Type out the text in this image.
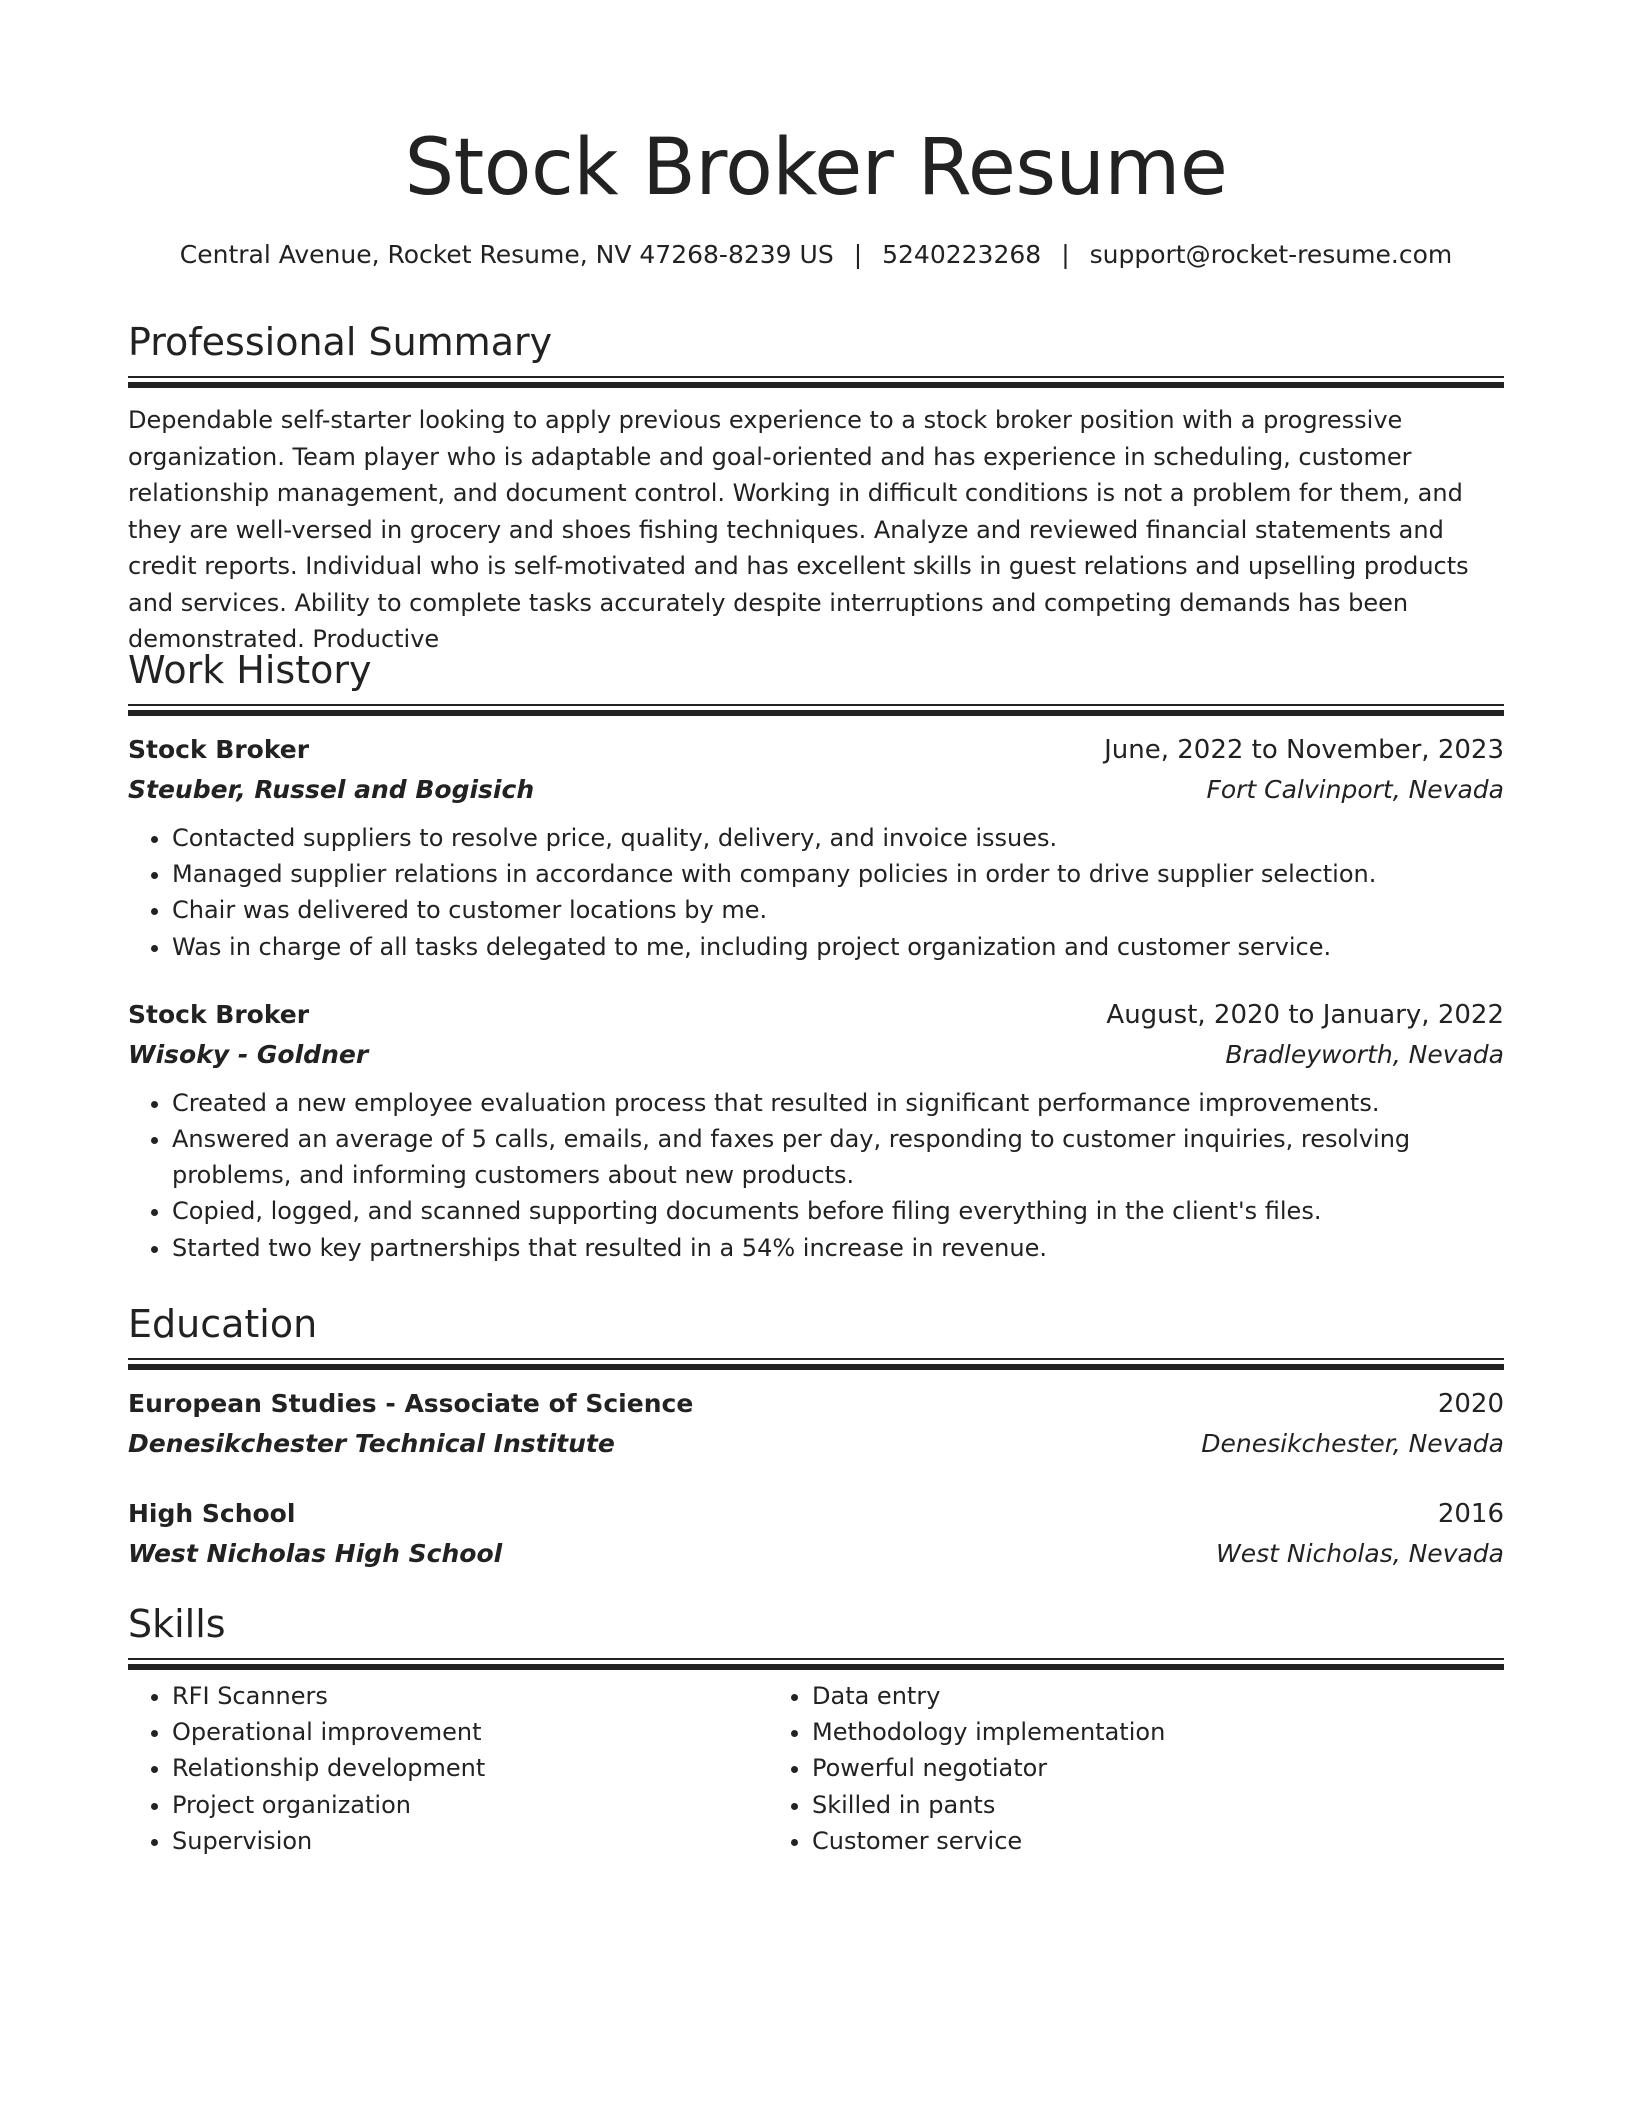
Stock Broker Resume
Central Avenue, Rocket Resume, NV 47268-8239 US | 5240223268 | support@rocket-resume.com
Professional Summary
Dependable self-starter looking to apply previous experience to a stock broker position with a progressive organization. Team player who is adaptable and goal-oriented and has experience in scheduling, customer relationship management, and document control. Working in difficult conditions is not a problem for them, and they are well-versed in grocery and shoes fishing techniques. Analyze and reviewed financial statements and credit reports. Individual who is self-motivated and has excellent skills in guest relations and upselling products and services. Ability to complete tasks accurately despite interruptions and competing demands has been demonstrated. Productive
Work History
Stock Broker	June, 2022 to November, 2023
Steuber, Russel and Bogisich	Fort Calvinport, Nevada
• Contacted suppliers to resolve price, quality, delivery, and invoice issues.
• Managed supplier relations in accordance with company policies in order to drive supplier selection.
• Chair was delivered to customer locations by me.
• Was in charge of all tasks delegated to me, including project organization and customer service.
Stock Broker	August, 2020 to January, 2022
Wisoky - Goldner	Bradleyworth, Nevada
• Created a new employee evaluation process that resulted in significant performance improvements.
• Answered an average of 5 calls, emails, and faxes per day, responding to customer inquiries, resolving problems, and informing customers about new products.
• Copied, logged, and scanned supporting documents before filing everything in the client's files.
• Started two key partnerships that resulted in a 54% increase in revenue.
Education
European Studies - Associate of Science	2020
Denesikchester Technical Institute	Denesikchester, Nevada
High School	2016
West Nicholas High School	West Nicholas, Nevada
Skills
• RFI Scanners
• Operational improvement
• Relationship development
• Project organization
• Supervision
• Data entry
• Methodology implementation
• Powerful negotiator
• Skilled in pants
• Customer service
